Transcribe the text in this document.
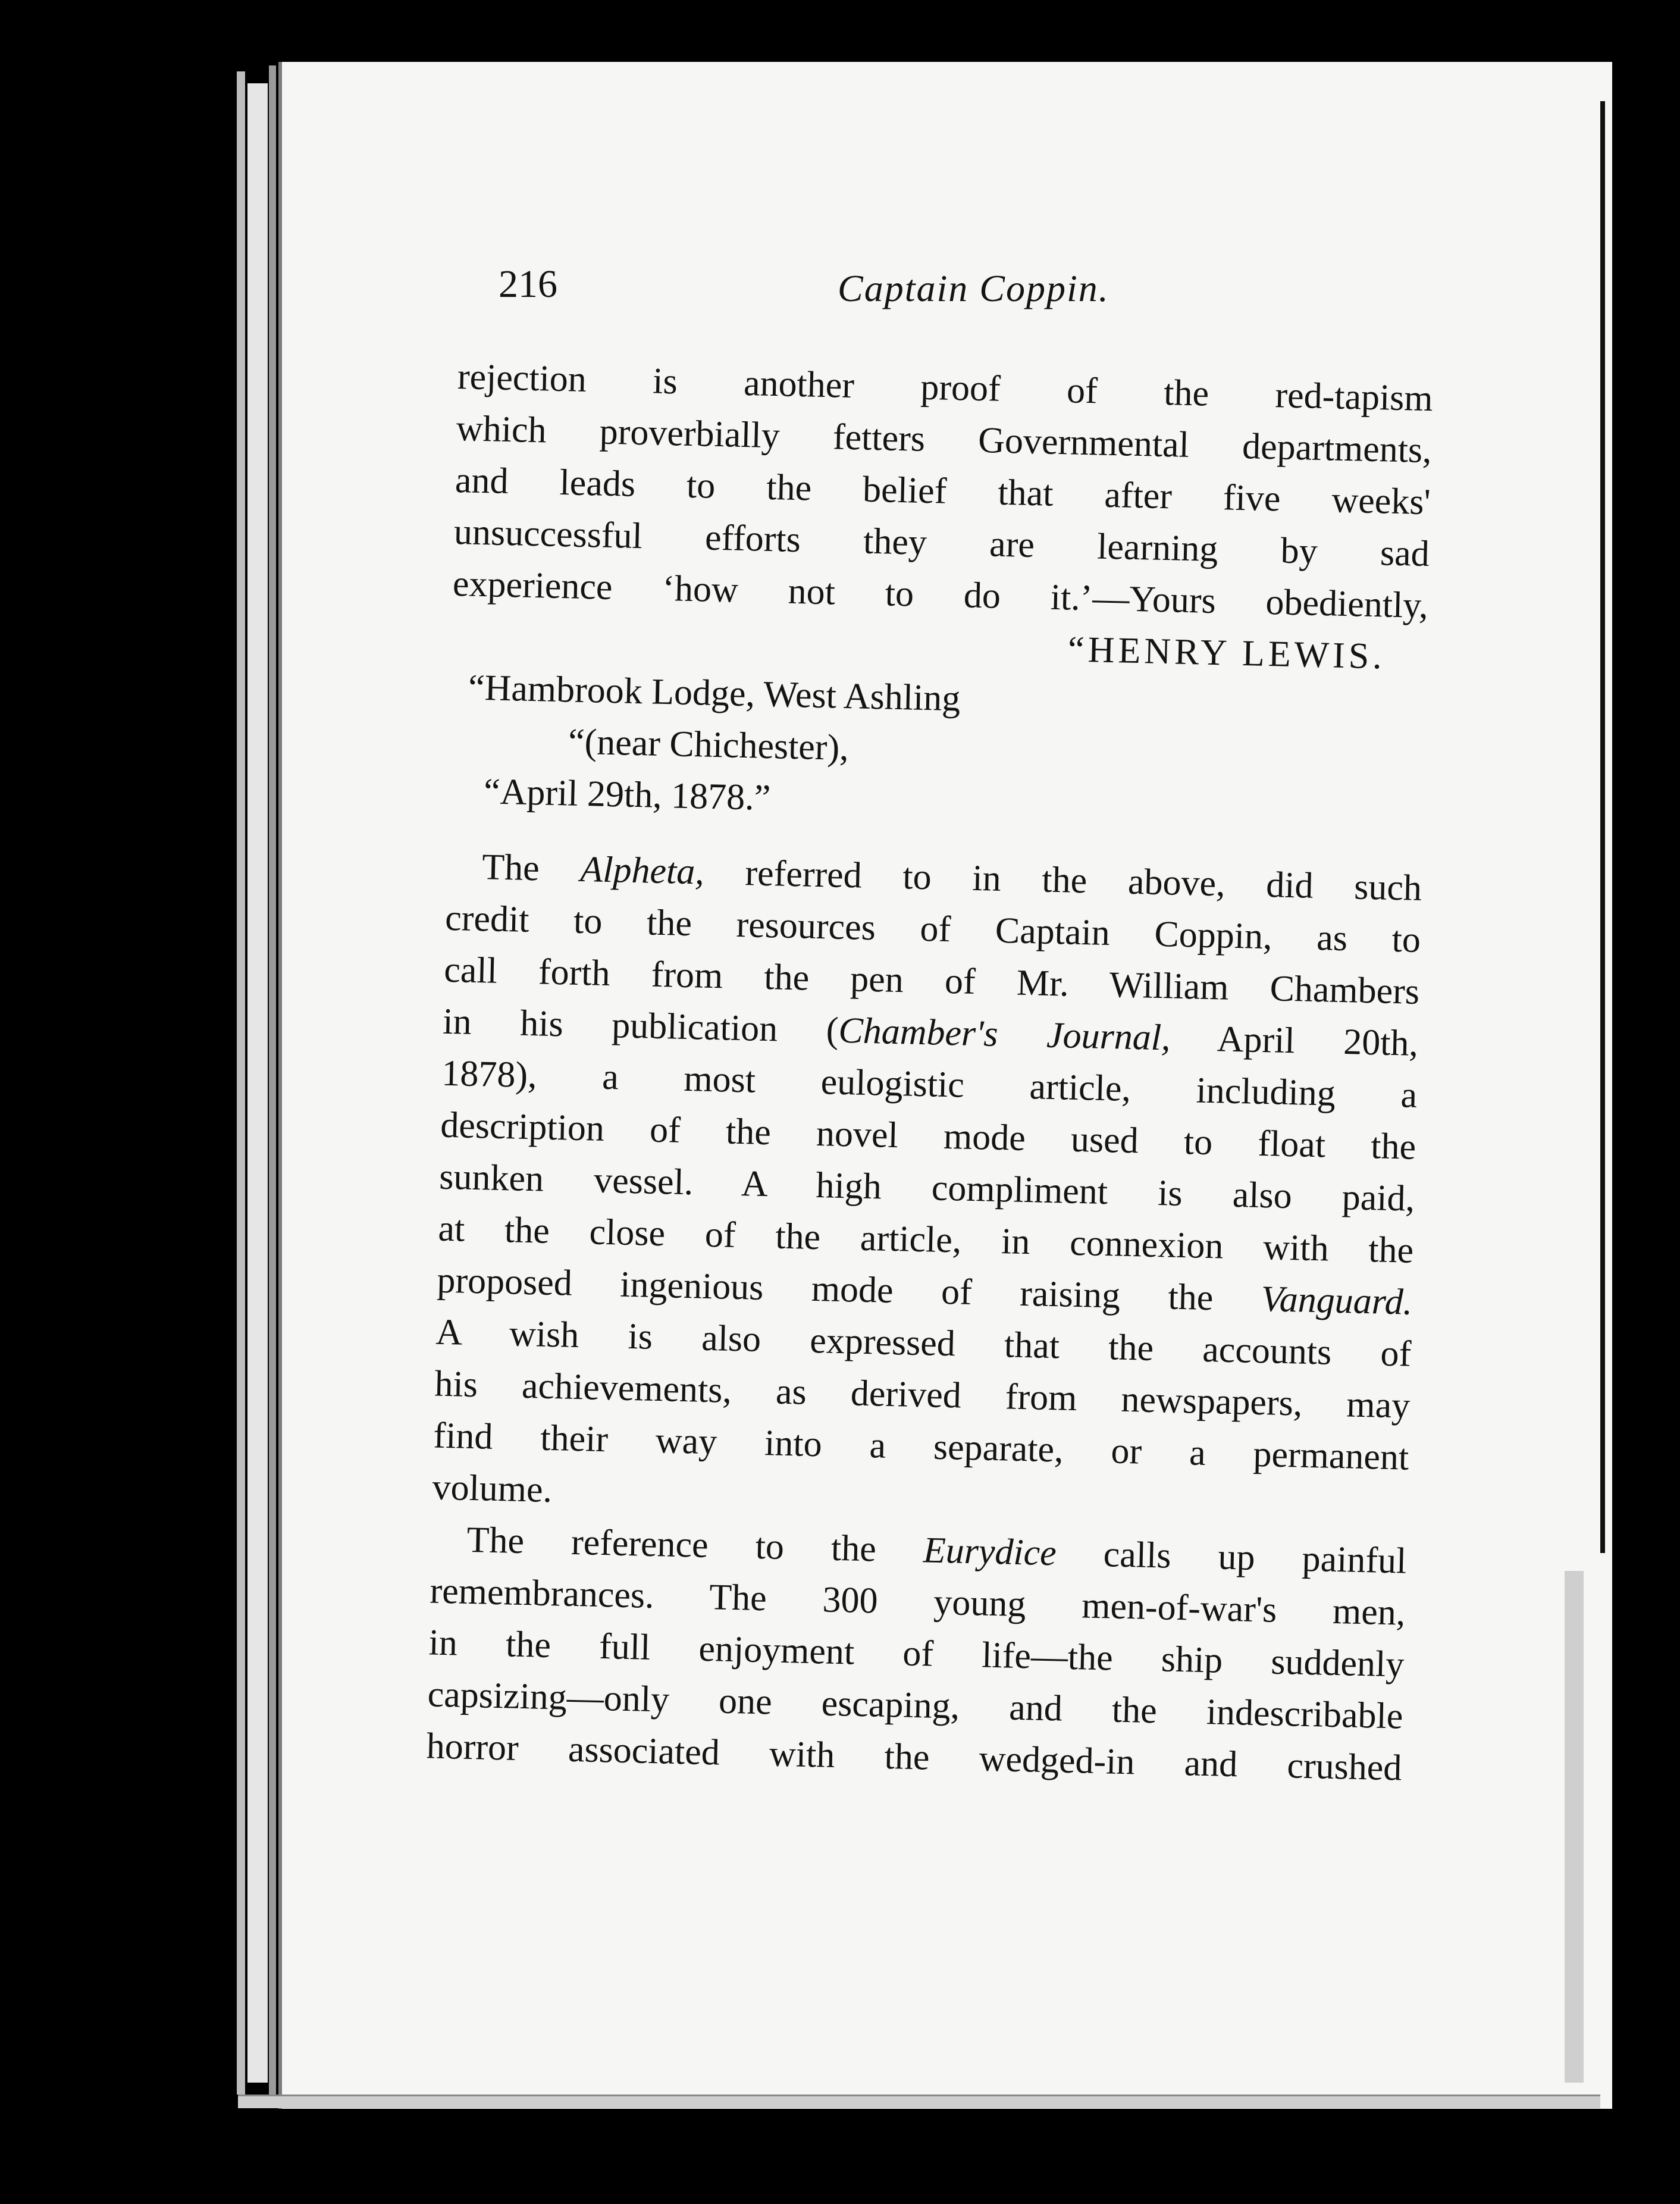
216	Captain Coppin.
rejection is another proof of the red-tapism
which proverbially fetters Governmental departments,
and leads to the belief that after five weeks'
unsuccessful efforts they are learning by sad
experience ‘how not to do it.’—Yours obediently,
“HENRY LEWIS.
“Hambrook Lodge, West Ashling
“(near Chichester),
“April 29th, 1878.”
The Alpheta, referred to in the above, did such
credit to the resources of Captain Coppin, as to
call forth from the pen of Mr. William Chambers
in his publication (Chamber's Journal, April 20th,
1878), a most eulogistic article, including a
description of the novel mode used to float the
sunken vessel. A high compliment is also paid,
at the close of the article, in connexion with the
proposed ingenious mode of raising the Vanguard.
A wish is also expressed that the accounts of
his achievements, as derived from newspapers, may
find their way into a separate, or a permanent
volume.
The reference to the Eurydice calls up painful
remembrances. The 300 young men-of-war's men,
in the full enjoyment of life—the ship suddenly
capsizing—only one escaping, and the indescribable
horror associated with the wedged-in and crushed
